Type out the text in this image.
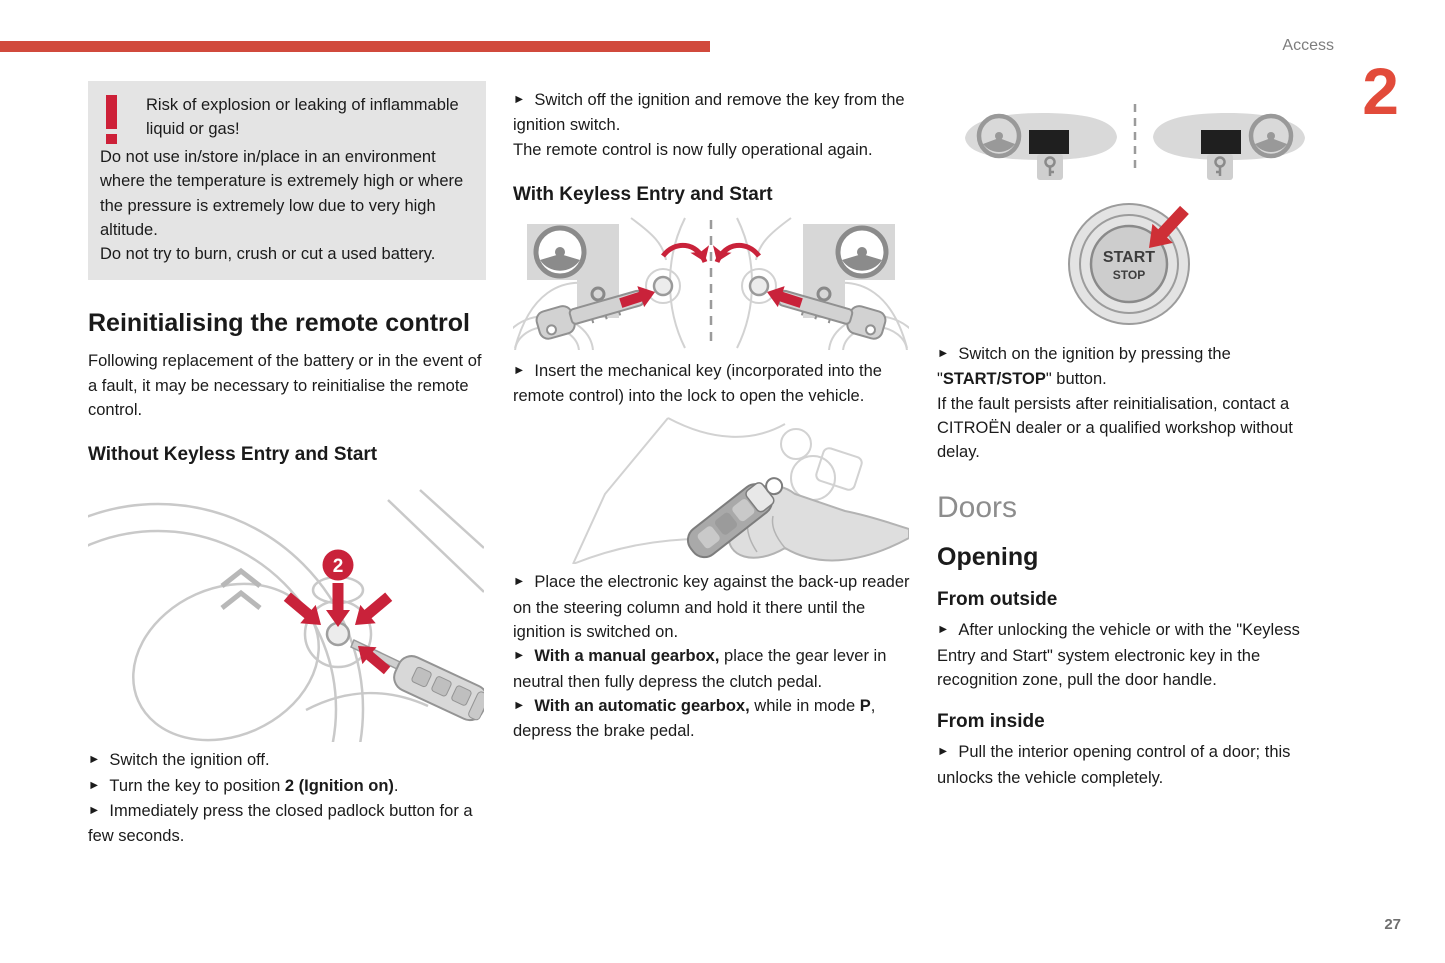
Access
2
27

Risk of explosion or leaking of inflammable liquid or gas!

Do not use in/store in/place in an environment where the temperature is extremely high or where the pressure is extremely low due to very high altitude.

Do not try to burn, crush or cut a used battery.

Reinitialising the remote control

Following replacement of the battery or in the event of a fault, it may be necessary to reinitialise the remote control.

Without Keyless Entry and Start
2

► Switch the ignition off.

► Turn the key to position 2 (Ignition on).

► Immediately press the closed padlock button for a few seconds.

► Switch off the ignition and remove the key from the ignition switch.

The remote control is now fully operational again.

With Keyless Entry and Start

► Insert the mechanical key (incorporated into the remote control) into the lock to open the vehicle.

► Place the electronic key against the back-up reader on the steering column and hold it there until the ignition is switched on.

► With a manual gearbox, place the gear lever in neutral then fully depress the clutch pedal.

► With an automatic gearbox, while in mode P, depress the brake pedal.

START
STOP

► Switch on the ignition by pressing the "START/STOP" button.

If the fault persists after reinitialisation, contact a CITROËN dealer or a qualified workshop without delay.

Doors
Opening
From outside

► After unlocking the vehicle or with the "Keyless Entry and Start" system electronic key in the recognition zone, pull the door handle.

From inside

► Pull the interior opening control of a door; this unlocks the vehicle completely.
